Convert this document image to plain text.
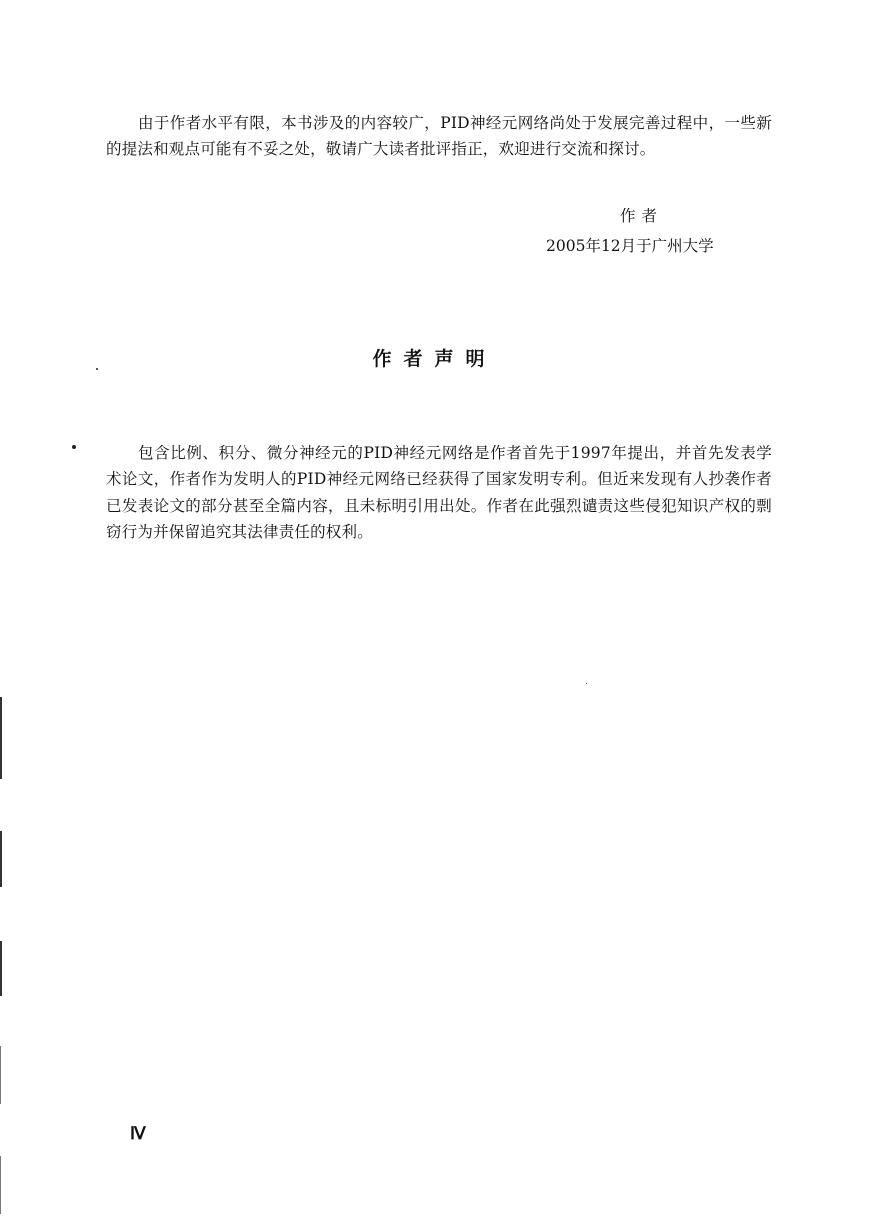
由于作者水平有限，本书涉及的内容较广，PID神经元网络尚处于发展完善过程中，一些新的提法和观点可能有不妥之处，敬请广大读者批评指正，欢迎进行交流和探讨。

作者
2005年12月于广州大学
作者声明

包含比例、积分、微分神经元的PID神经元网络是作者首先于1997年提出，并首先发表学术论文，作者作为发明人的PID神经元网络已经获得了国家发明专利。但近来发现有人抄袭作者已发表论文的部分甚至全篇内容，且未标明引用出处。作者在此强烈谴责这些侵犯知识产权的剽窃行为并保留追究其法律责任的权利。

Ⅳ
